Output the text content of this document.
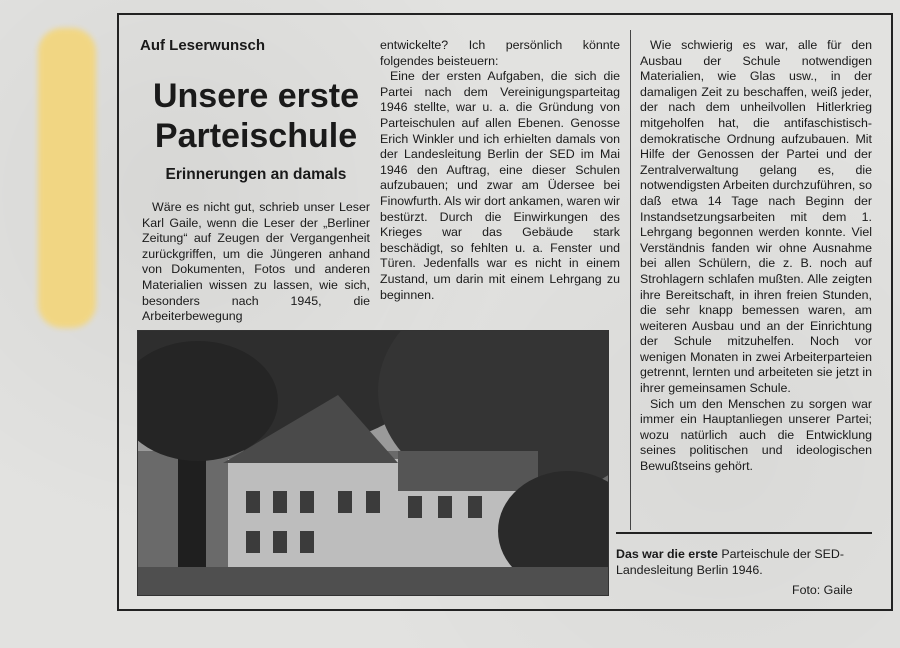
Auf Leserwunsch
Unsere erste
Parteischule
Erinnerungen an damals

Wäre es nicht gut, schrieb unser Leser Karl Gaile, wenn die Leser der „Berliner Zeitung“ auf Zeugen der Vergangenheit zurückgriffen, um die Jüngeren anhand von Dokumenten, Fotos und anderen Materialien wissen zu lassen, wie sich, besonders nach 1945, die Arbeiterbewegung

entwickelte? Ich persönlich könnte folgendes beisteuern:

Eine der ersten Aufgaben, die sich die Partei nach dem Vereinigungsparteitag 1946 stellte, war u. a. die Gründung von Parteischulen auf allen Ebenen. Genosse Erich Winkler und ich erhielten damals von der Landesleitung Berlin der SED im Mai 1946 den Auftrag, eine dieser Schulen aufzubauen; und zwar am Üdersee bei Finowfurth. Als wir dort ankamen, waren wir bestürzt. Durch die Einwirkungen des Krieges war das Gebäude stark beschädigt, so fehlten u. a. Fenster und Türen. Jedenfalls war es nicht in einem Zustand, um darin mit einem Lehrgang zu beginnen.

Wie schwierig es war, alle für den Ausbau der Schule notwendigen Materialien, wie Glas usw., in der damaligen Zeit zu beschaffen, weiß jeder, der nach dem unheilvollen Hitlerkrieg mitgeholfen hat, die antifaschistisch-demokratische Ordnung aufzubauen. Mit Hilfe der Genossen der Partei und der Zentralverwaltung gelang es, die notwendigsten Arbeiten durchzuführen, so daß etwa 14 Tage nach Beginn der Instandsetzungsarbeiten mit dem 1. Lehrgang begonnen werden konnte. Viel Verständnis fanden wir ohne Ausnahme bei allen Schülern, die z. B. noch auf Strohlagern schlafen mußten. Alle zeigten ihre Bereitschaft, in ihren freien Stunden, die sehr knapp bemessen waren, am weiteren Ausbau und an der Einrichtung der Schule mitzuhelfen. Noch vor wenigen Monaten in zwei Arbeiterparteien getrennt, lernten und arbeiteten sie jetzt in ihrer gemeinsamen Schule.

Sich um den Menschen zu sorgen war immer ein Hauptanliegen unserer Partei; wozu natürlich auch die Entwicklung seines politischen und ideologischen Bewußtseins gehört.

Das war die erste Parteischule der SED-Landesleitung Berlin 1946.
Foto: Gaile
